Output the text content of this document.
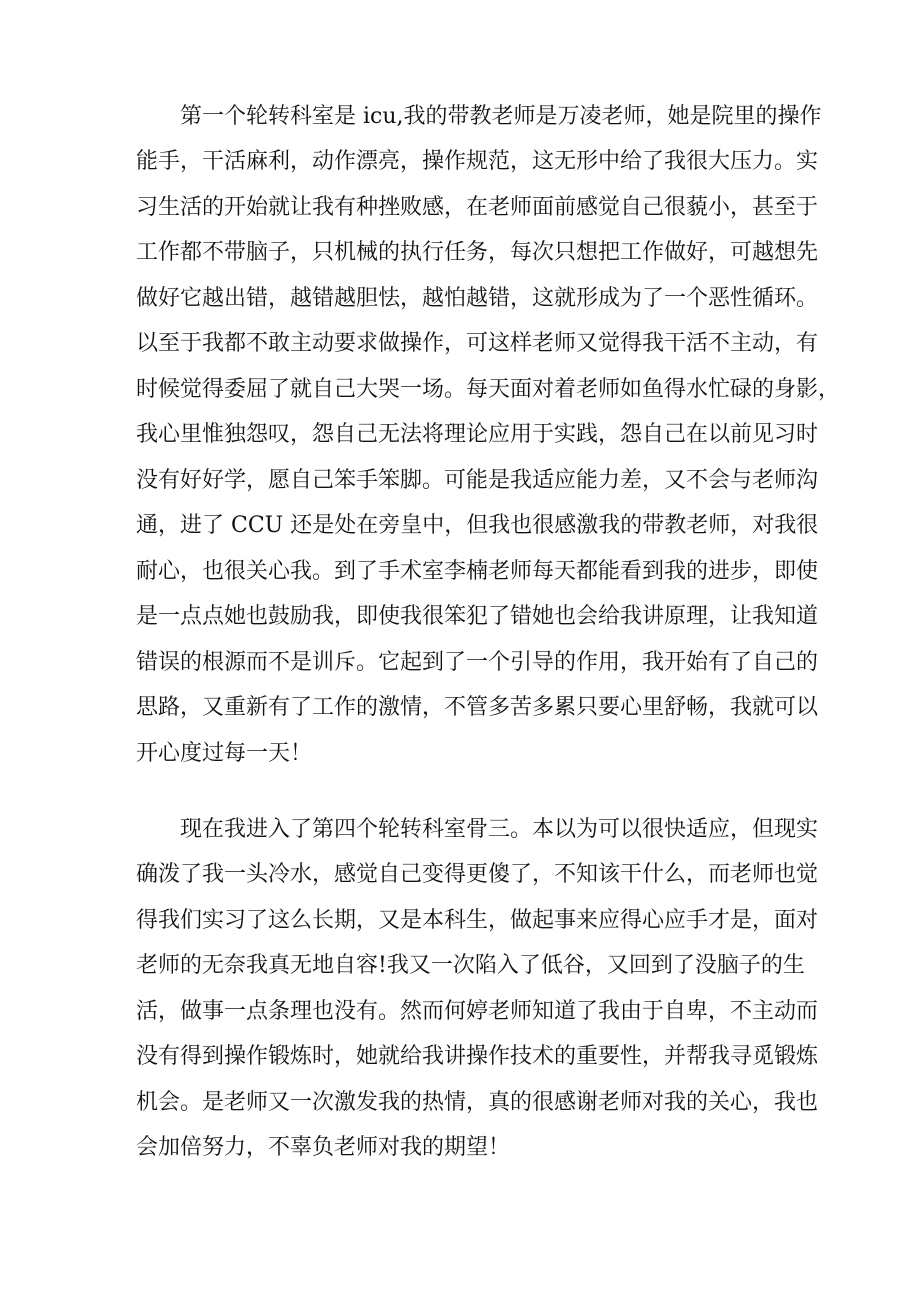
第一个轮转科室是 icu,我的带教老师是万凌老师，她是院里的操作
能手，干活麻利，动作漂亮，操作规范，这无形中给了我很大压力。实
习生活的开始就让我有种挫败感，在老师面前感觉自己很藐小，甚至于
工作都不带脑子，只机械的执行任务，每次只想把工作做好，可越想先
做好它越出错，越错越胆怯，越怕越错，这就形成为了一个恶性循环。
以至于我都不敢主动要求做操作，可这样老师又觉得我干活不主动，有
时候觉得委屈了就自己大哭一场。每天面对着老师如鱼得水忙碌的身影，
我心里惟独怨叹，怨自己无法将理论应用于实践，怨自己在以前见习时
没有好好学，愿自己笨手笨脚。可能是我适应能力差，又不会与老师沟
通，进了 CCU 还是处在旁皇中，但我也很感激我的带教老师，对我很
耐心，也很关心我。到了手术室李楠老师每天都能看到我的进步，即使
是一点点她也鼓励我，即使我很笨犯了错她也会给我讲原理，让我知道
错误的根源而不是训斥。它起到了一个引导的作用，我开始有了自己的
思路，又重新有了工作的激情，不管多苦多累只要心里舒畅，我就可以
开心度过每一天！
现在我进入了第四个轮转科室骨三。本以为可以很快适应，但现实
确泼了我一头冷水，感觉自己变得更傻了，不知该干什么，而老师也觉
得我们实习了这么长期，又是本科生，做起事来应得心应手才是，面对
老师的无奈我真无地自容!我又一次陷入了低谷，又回到了没脑子的生
活，做事一点条理也没有。然而何婷老师知道了我由于自卑，不主动而
没有得到操作锻炼时，她就给我讲操作技术的重要性，并帮我寻觅锻炼
机会。是老师又一次激发我的热情，真的很感谢老师对我的关心，我也
会加倍努力，不辜负老师对我的期望！
